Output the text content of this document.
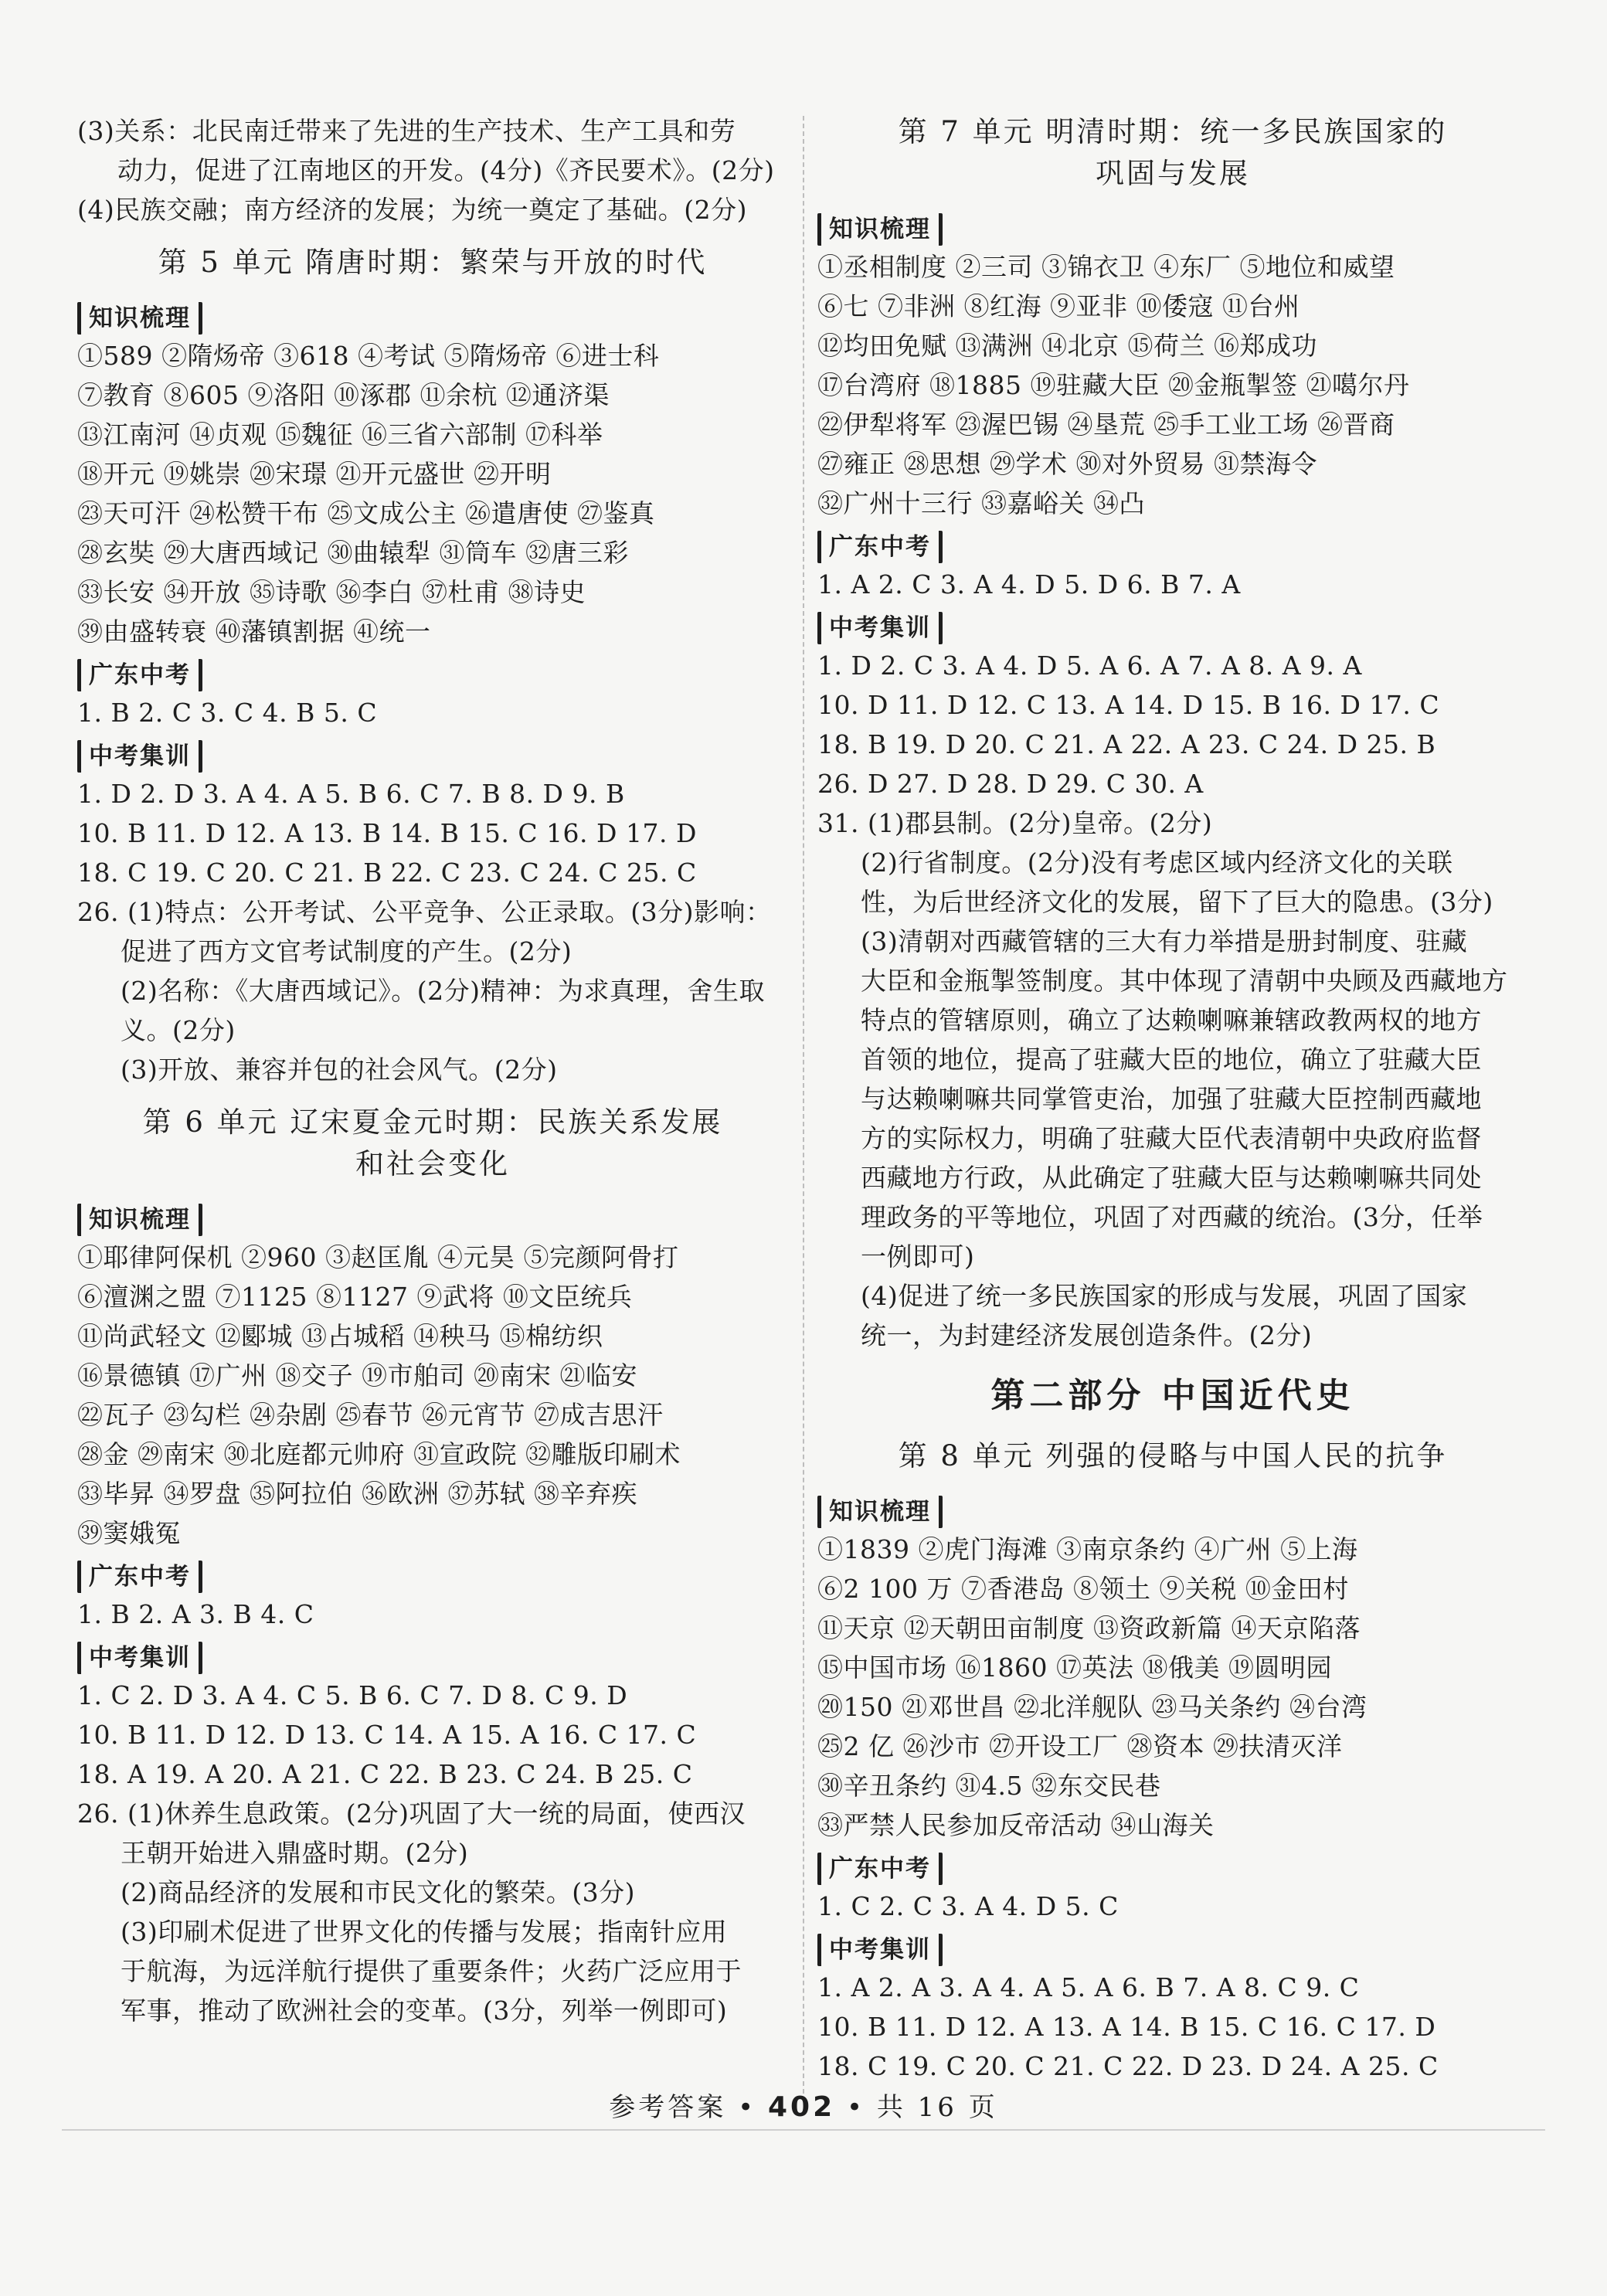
(3)关系：北民南迁带来了先进的生产技术、生产工具和劳
动力，促进了江南地区的开发。(4分)《齐民要术》。(2分)
(4)民族交融；南方经济的发展；为统一奠定了基础。(2分)
第 5 单元 隋唐时期：繁荣与开放的时代
知识梳理
①589 ②隋炀帝 ③618 ④考试 ⑤隋炀帝 ⑥进士科
⑦教育 ⑧605 ⑨洛阳 ⑩涿郡 ⑪余杭 ⑫通济渠
⑬江南河 ⑭贞观 ⑮魏征 ⑯三省六部制 ⑰科举
⑱开元 ⑲姚崇 ⑳宋璟 ㉑开元盛世 ㉒开明
㉓天可汗 ㉔松赞干布 ㉕文成公主 ㉖遣唐使 ㉗鉴真
㉘玄奘 ㉙大唐西域记 ㉚曲辕犁 ㉛筒车 ㉜唐三彩
㉝长安 ㉞开放 ㉟诗歌 ㊱李白 ㊲杜甫 ㊳诗史
㊴由盛转衰 ㊵藩镇割据 ㊶统一
广东中考
1. B 2. C 3. C 4. B 5. C
中考集训
1. D 2. D 3. A 4. A 5. B 6. C 7. B 8. D 9. B
10. B 11. D 12. A 13. B 14. B 15. C 16. D 17. D
18. C 19. C 20. C 21. B 22. C 23. C 24. C 25. C
26. (1)特点：公开考试、公平竞争、公正录取。(3分)影响：
促进了西方文官考试制度的产生。(2分)
(2)名称：《大唐西域记》。(2分)精神：为求真理，舍生取
义。(2分)
(3)开放、兼容并包的社会风气。(2分)
第 6 单元 辽宋夏金元时期：民族关系发展
和社会变化
知识梳理
①耶律阿保机 ②960 ③赵匡胤 ④元昊 ⑤完颜阿骨打
⑥澶渊之盟 ⑦1125 ⑧1127 ⑨武将 ⑩文臣统兵
⑪尚武轻文 ⑫郾城 ⑬占城稻 ⑭秧马 ⑮棉纺织
⑯景德镇 ⑰广州 ⑱交子 ⑲市舶司 ⑳南宋 ㉑临安
㉒瓦子 ㉓勾栏 ㉔杂剧 ㉕春节 ㉖元宵节 ㉗成吉思汗
㉘金 ㉙南宋 ㉚北庭都元帅府 ㉛宣政院 ㉜雕版印刷术
㉝毕昇 ㉞罗盘 ㉟阿拉伯 ㊱欧洲 ㊲苏轼 ㊳辛弃疾
㊴窦娥冤
广东中考
1. B 2. A 3. B 4. C
中考集训
1. C 2. D 3. A 4. C 5. B 6. C 7. D 8. C 9. D
10. B 11. D 12. D 13. C 14. A 15. A 16. C 17. C
18. A 19. A 20. A 21. C 22. B 23. C 24. B 25. C
26. (1)休养生息政策。(2分)巩固了大一统的局面，使西汉
王朝开始进入鼎盛时期。(2分)
(2)商品经济的发展和市民文化的繁荣。(3分)
(3)印刷术促进了世界文化的传播与发展；指南针应用
于航海，为远洋航行提供了重要条件；火药广泛应用于
军事，推动了欧洲社会的变革。(3分，列举一例即可)
第 7 单元 明清时期：统一多民族国家的
巩固与发展
知识梳理
①丞相制度 ②三司 ③锦衣卫 ④东厂 ⑤地位和威望
⑥七 ⑦非洲 ⑧红海 ⑨亚非 ⑩倭寇 ⑪台州
⑫均田免赋 ⑬满洲 ⑭北京 ⑮荷兰 ⑯郑成功
⑰台湾府 ⑱1885 ⑲驻藏大臣 ⑳金瓶掣签 ㉑噶尔丹
㉒伊犁将军 ㉓渥巴锡 ㉔垦荒 ㉕手工业工场 ㉖晋商
㉗雍正 ㉘思想 ㉙学术 ㉚对外贸易 ㉛禁海令
㉜广州十三行 ㉝嘉峪关 ㉞凸
广东中考
1. A 2. C 3. A 4. D 5. D 6. B 7. A
中考集训
1. D 2. C 3. A 4. D 5. A 6. A 7. A 8. A 9. A
10. D 11. D 12. C 13. A 14. D 15. B 16. D 17. C
18. B 19. D 20. C 21. A 22. A 23. C 24. D 25. B
26. D 27. D 28. D 29. C 30. A
31. (1)郡县制。(2分)皇帝。(2分)
(2)行省制度。(2分)没有考虑区域内经济文化的关联
性，为后世经济文化的发展，留下了巨大的隐患。(3分)
(3)清朝对西藏管辖的三大有力举措是册封制度、驻藏
大臣和金瓶掣签制度。其中体现了清朝中央顾及西藏地方
特点的管辖原则，确立了达赖喇嘛兼辖政教两权的地方
首领的地位，提高了驻藏大臣的地位，确立了驻藏大臣
与达赖喇嘛共同掌管吏治，加强了驻藏大臣控制西藏地
方的实际权力，明确了驻藏大臣代表清朝中央政府监督
西藏地方行政，从此确定了驻藏大臣与达赖喇嘛共同处
理政务的平等地位，巩固了对西藏的统治。(3分，任举
一例即可)
(4)促进了统一多民族国家的形成与发展，巩固了国家
统一，为封建经济发展创造条件。(2分)
第二部分 中国近代史
第 8 单元 列强的侵略与中国人民的抗争
知识梳理
①1839 ②虎门海滩 ③南京条约 ④广州 ⑤上海
⑥2 100 万 ⑦香港岛 ⑧领土 ⑨关税 ⑩金田村
⑪天京 ⑫天朝田亩制度 ⑬资政新篇 ⑭天京陷落
⑮中国市场 ⑯1860 ⑰英法 ⑱俄美 ⑲圆明园
⑳150 ㉑邓世昌 ㉒北洋舰队 ㉓马关条约 ㉔台湾
㉕2 亿 ㉖沙市 ㉗开设工厂 ㉘资本 ㉙扶清灭洋
㉚辛丑条约 ㉛4.5 ㉜东交民巷
㉝严禁人民参加反帝活动 ㉞山海关
广东中考
1. C 2. C 3. A 4. D 5. C
中考集训
1. A 2. A 3. A 4. A 5. A 6. B 7. A 8. C 9. C
10. B 11. D 12. A 13. A 14. B 15. C 16. C 17. D
18. C 19. C 20. C 21. C 22. D 23. D 24. A 25. C
参考答案 • 402 • 共 16 页
